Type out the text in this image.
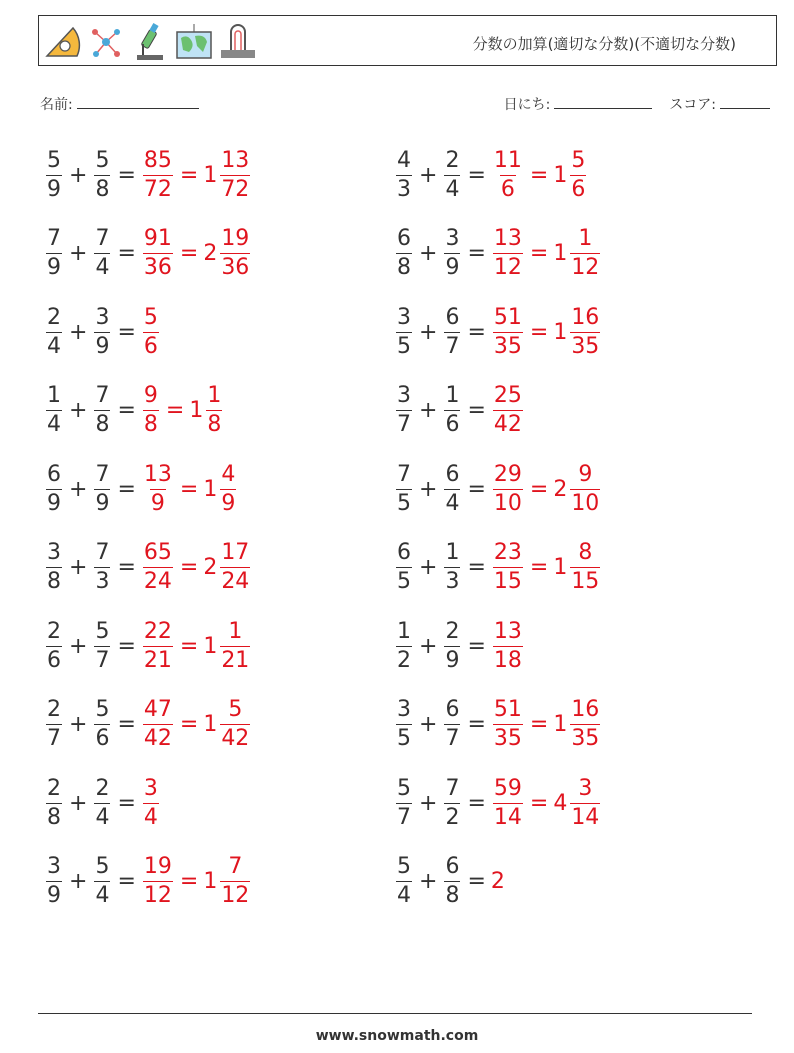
分数の加算(適切な分数)(不適切な分数)
名前:	日にち:	スコア:
$\frac{5}{9} + \frac{5}{8} = \frac{85}{72} = 1 \frac{13}{72}$	$\frac{4}{3} + \frac{2}{4} = \frac{11}{6} = 1 \frac{5}{6}$
$\frac{7}{9} + \frac{7}{4} = \frac{91}{36} = 2 \frac{19}{36}$	$\frac{6}{8} + \frac{3}{9} = \frac{13}{12} = 1 \frac{1}{12}$
$\frac{2}{4} + \frac{3}{9} = \frac{5}{6}$	$\frac{3}{5} + \frac{6}{7} = \frac{51}{35} = 1 \frac{16}{35}$
$\frac{1}{4} + \frac{7}{8} = \frac{9}{8} = 1 \frac{1}{8}$	$\frac{3}{7} + \frac{1}{6} = \frac{25}{42}$
$\frac{6}{9} + \frac{7}{9} = \frac{13}{9} = 1 \frac{4}{9}$	$\frac{7}{5} + \frac{6}{4} = \frac{29}{10} = 2 \frac{9}{10}$
$\frac{3}{8} + \frac{7}{3} = \frac{65}{24} = 2 \frac{17}{24}$	$\frac{6}{5} + \frac{1}{3} = \frac{23}{15} = 1 \frac{8}{15}$
$\frac{2}{6} + \frac{5}{7} = \frac{22}{21} = 1 \frac{1}{21}$	$\frac{1}{2} + \frac{2}{9} = \frac{13}{18}$
$\frac{2}{7} + \frac{5}{6} = \frac{47}{42} = 1 \frac{5}{42}$	$\frac{3}{5} + \frac{6}{7} = \frac{51}{35} = 1 \frac{16}{35}$
$\frac{2}{8} + \frac{2}{4} = \frac{3}{4}$	$\frac{5}{7} + \frac{7}{2} = \frac{59}{14} = 4 \frac{3}{14}$
$\frac{3}{9} + \frac{5}{4} = \frac{19}{12} = 1 \frac{7}{12}$	$\frac{5}{4} + \frac{6}{8} = 2$
www.snowmath.com
